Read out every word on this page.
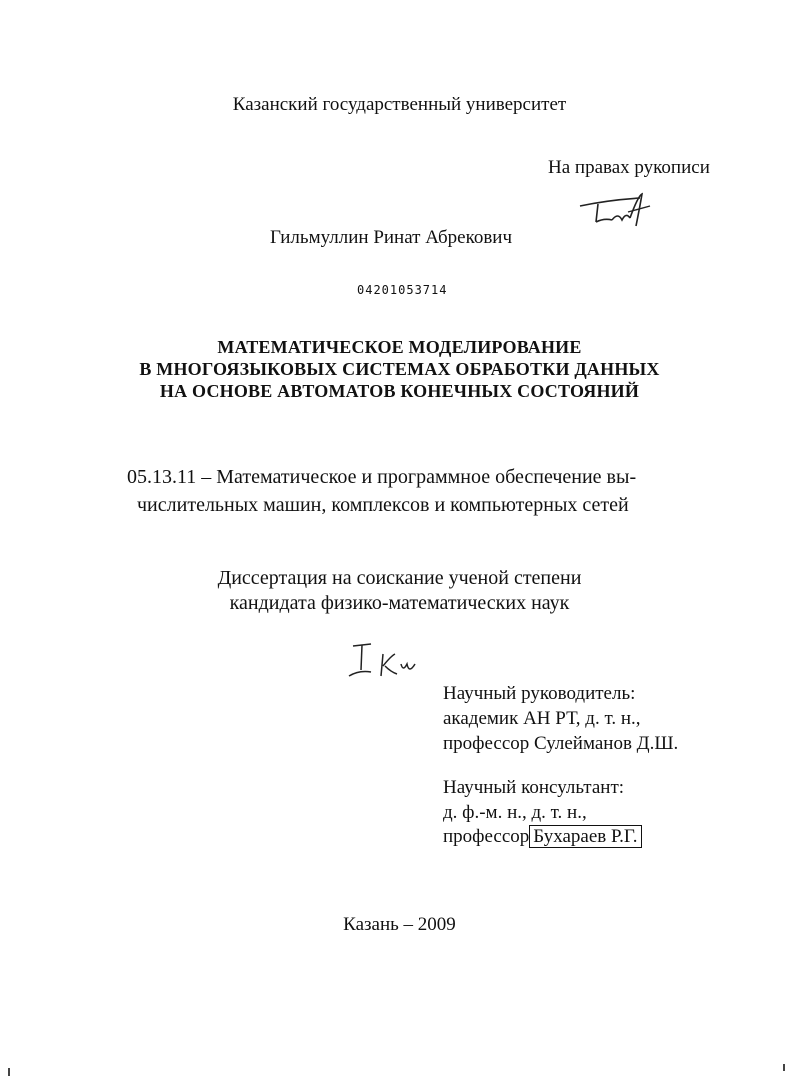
Казанский государственный университет
На правах рукописи
Гильмуллин Ринат Абрекович
04201053714
МАТЕМАТИЧЕСКОЕ МОДЕЛИРОВАНИЕ
В МНОГОЯЗЫКОВЫХ СИСТЕМАХ ОБРАБОТКИ ДАННЫХ
НА ОСНОВЕ АВТОМАТОВ КОНЕЧНЫХ СОСТОЯНИЙ
05.13.11 – Математическое и программное обеспечение вы-
числительных машин, комплексов и компьютерных сетей
Диссертация на соискание ученой степени
кандидата физико-математических наук
Научный руководитель:
академик АН РТ, д. т. н.,
профессор Сулейманов Д.Ш.
Научный консультант:
д. ф.-м. н., д. т. н.,
профессор Бухараев Р.Г.
Казань – 2009
